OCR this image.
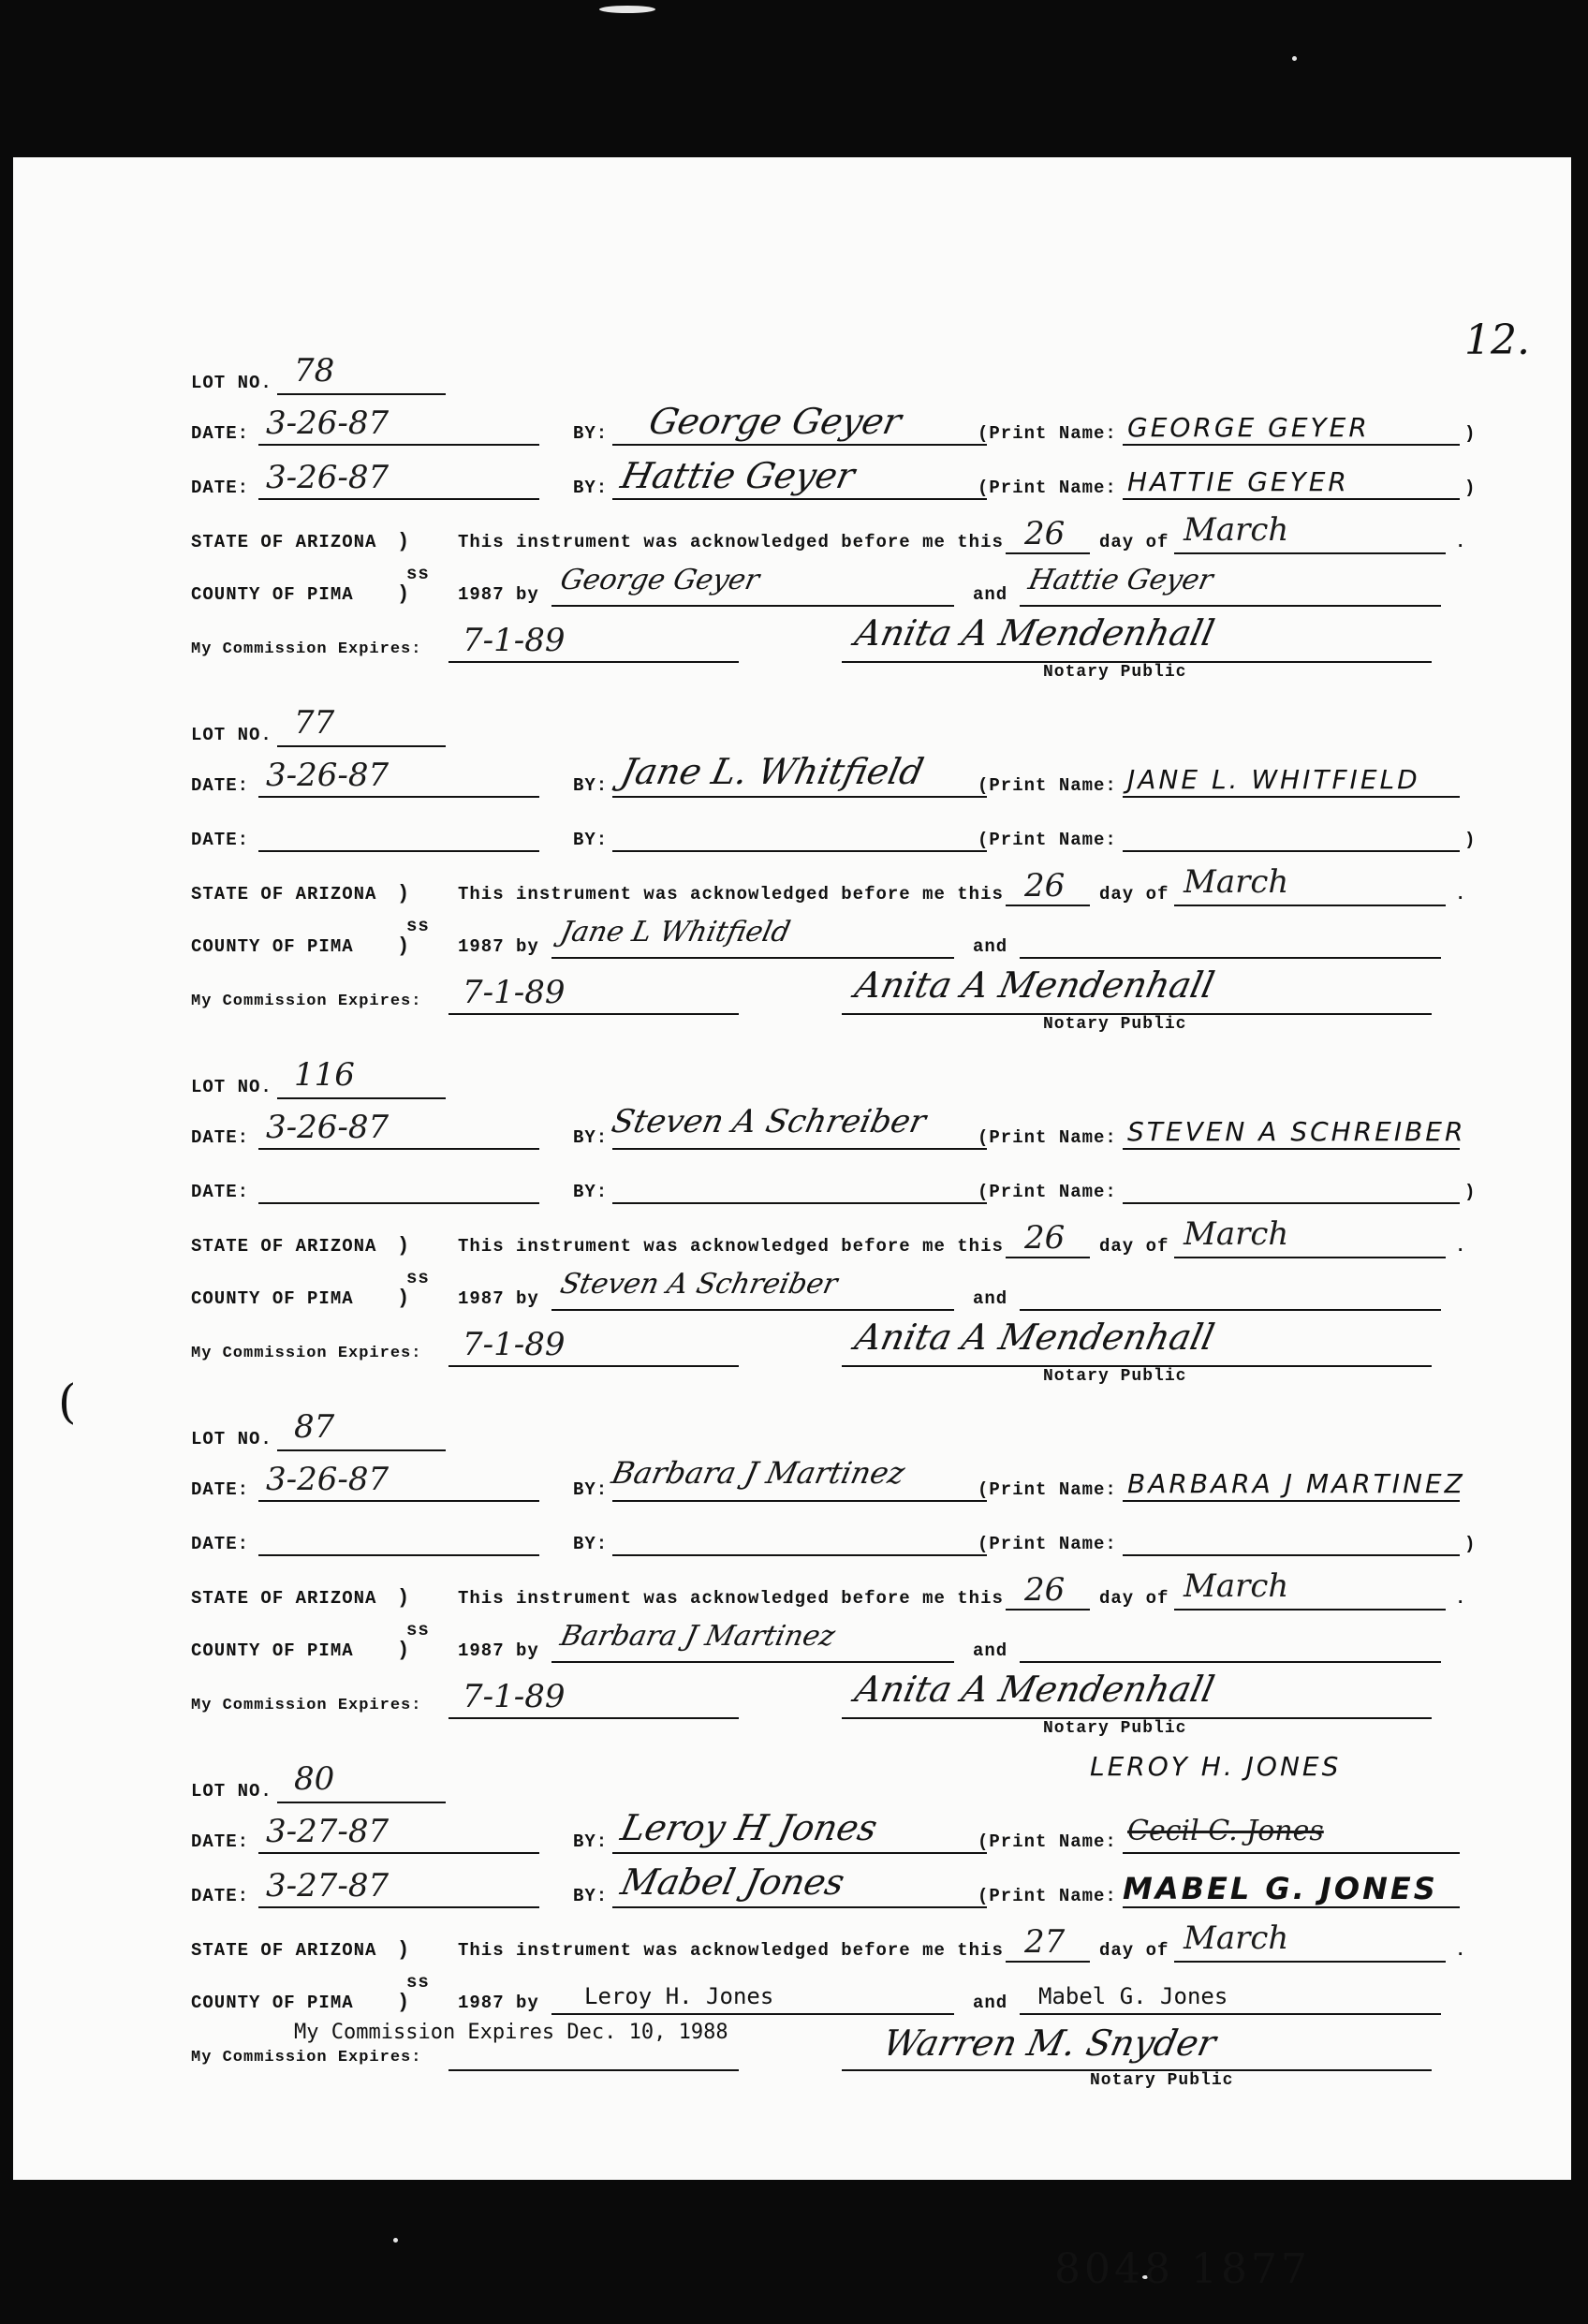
12.
LOT NO. 78
DATE: 3-26-87	BY: George Geyer	(Print Name: GEORGE GEYER	)
DATE: 3-26-87	BY: Hattie Geyer	(Print Name: HATTIE GEYER	)
STATE OF ARIZONA )	This instrument was acknowledged before me this 26 day of March	.
ss
COUNTY OF PIMA )	1987 by George Geyer	and Hattie Geyer
My Commission Expires: 7-1-89	Anita A Mendenhall
Notary Public
LOT NO. 77
DATE: 3-26-87	BY: Jane L. Whitfield	(Print Name: JANE L. WHITFIELD
DATE:	BY:	(Print Name:	)
STATE OF ARIZONA )	This instrument was acknowledged before me this 26 day of March	.
ss
COUNTY OF PIMA )	1987 by Jane L Whitfield	and
My Commission Expires: 7-1-89	Anita A Mendenhall
Notary Public
LOT NO. 116
DATE: 3-26-87	BY: Steven A Schreiber	(Print Name: STEVEN A SCHREIBER
DATE:	BY:	(Print Name:	)
STATE OF ARIZONA )	This instrument was acknowledged before me this 26 day of March	.
ss
COUNTY OF PIMA )	1987 by Steven A Schreiber	and
My Commission Expires: 7-1-89	Anita A Mendenhall
Notary Public
LOT NO. 87
DATE: 3-26-87	BY: Barbara J Martinez	(Print Name: BARBARA J MARTINEZ
DATE:	BY:	(Print Name:	)
STATE OF ARIZONA )	This instrument was acknowledged before me this 26 day of March	.
ss
COUNTY OF PIMA )	1987 by Barbara J Martinez	and
My Commission Expires: 7-1-89	Anita A Mendenhall
Notary Public
LOT NO. 80	LEROY H. JONES
DATE: 3-27-87	BY: Leroy H Jones	(Print Name: Cecil C. Jones
DATE: 3-27-87	BY: Mabel Jones	(Print Name: MABEL G. JONES
STATE OF ARIZONA )	This instrument was acknowledged before me this 27 day of March	.
ss
COUNTY OF PIMA )	1987 by Leroy H. Jones	and Mabel G. Jones
My Commission Expires Dec. 10, 1988
My Commission Expires:	Warren M. Snyder
Notary Public
8048 1877
(
